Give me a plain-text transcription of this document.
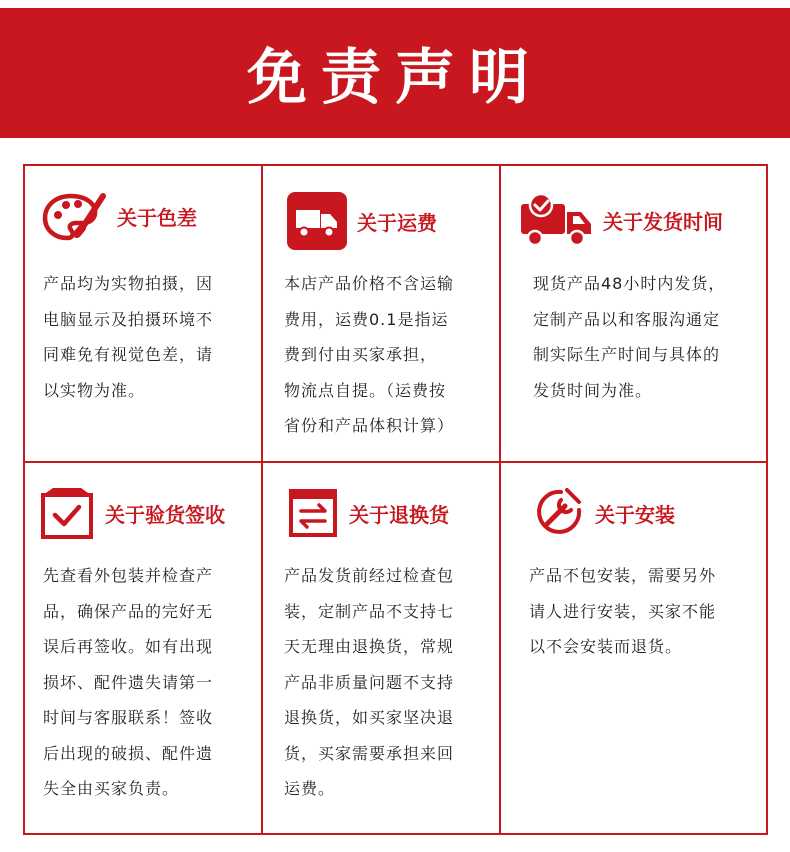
免责声明
关于色差
产品均为实物拍摄，因
电脑显示及拍摄环境不
同难免有视觉色差，请
以实物为准。
关于运费
本店产品价格不含运输
费用，运费0.1是指运
费到付由买家承担，
物流点自提。（运费按
省份和产品体积计算）
关于发货时间
现货产品48小时内发货，
定制产品以和客服沟通定
制实际生产时间与具体的
发货时间为准。
关于验货签收
先查看外包装并检查产
品，确保产品的完好无
误后再签收。如有出现
损坏、配件遗失请第一
时间与客服联系！签收
后出现的破损、配件遗
失全由买家负责。
关于退换货
产品发货前经过检查包
装，定制产品不支持七
天无理由退换货，常规
产品非质量问题不支持
退换货，如买家坚决退
货，买家需要承担来回
运费。
关于安装
产品不包安装，需要另外
请人进行安装，买家不能
以不会安装而退货。
